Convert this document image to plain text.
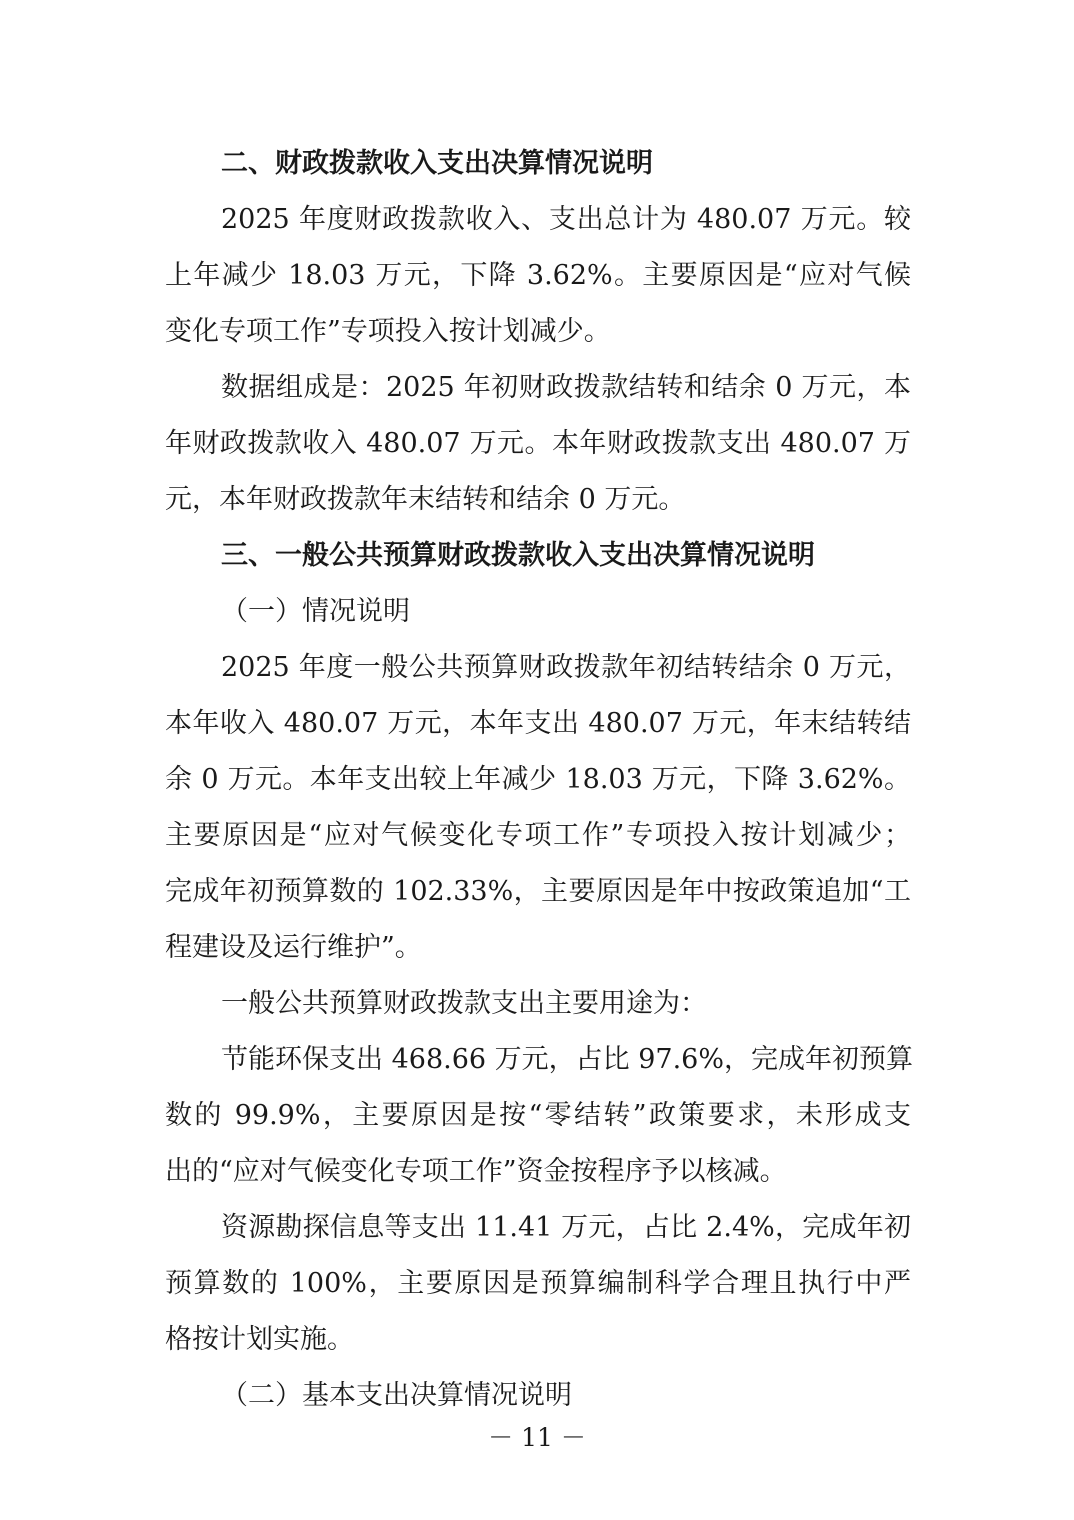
二、财政拨款收入支出决算情况说明

2025 年度财政拨款收入、支出总计为 480.07 万元。较
上年减少 18.03 万元，下降 3.62%。主要原因是“应对气候
变化专项工作”专项投入按计划减少。

数据组成是：2025 年初财政拨款结转和结余 0 万元，本
年财政拨款收入 480.07 万元。本年财政拨款支出 480.07 万
元，本年财政拨款年末结转和结余 0 万元。

三、一般公共预算财政拨款收入支出决算情况说明

（一）情况说明

2025 年度一般公共预算财政拨款年初结转结余 0 万元，
本年收入 480.07 万元，本年支出 480.07 万元，年末结转结
余 0 万元。本年支出较上年减少 18.03 万元，下降 3.62%。
主要原因是“应对气候变化专项工作”专项投入按计划减少；
完成年初预算数的 102.33%，主要原因是年中按政策追加“工
程建设及运行维护”。

一般公共预算财政拨款支出主要用途为：

节能环保支出 468.66 万元，占比 97.6%，完成年初预算
数的 99.9%，主要原因是按“零结转”政策要求，未形成支
出的“应对气候变化专项工作”资金按程序予以核减。

资源勘探信息等支出 11.41 万元，占比 2.4%，完成年初
预算数的 100%，主要原因是预算编制科学合理且执行中严
格按计划实施。

（二）基本支出决算情况说明

－ 11 －
